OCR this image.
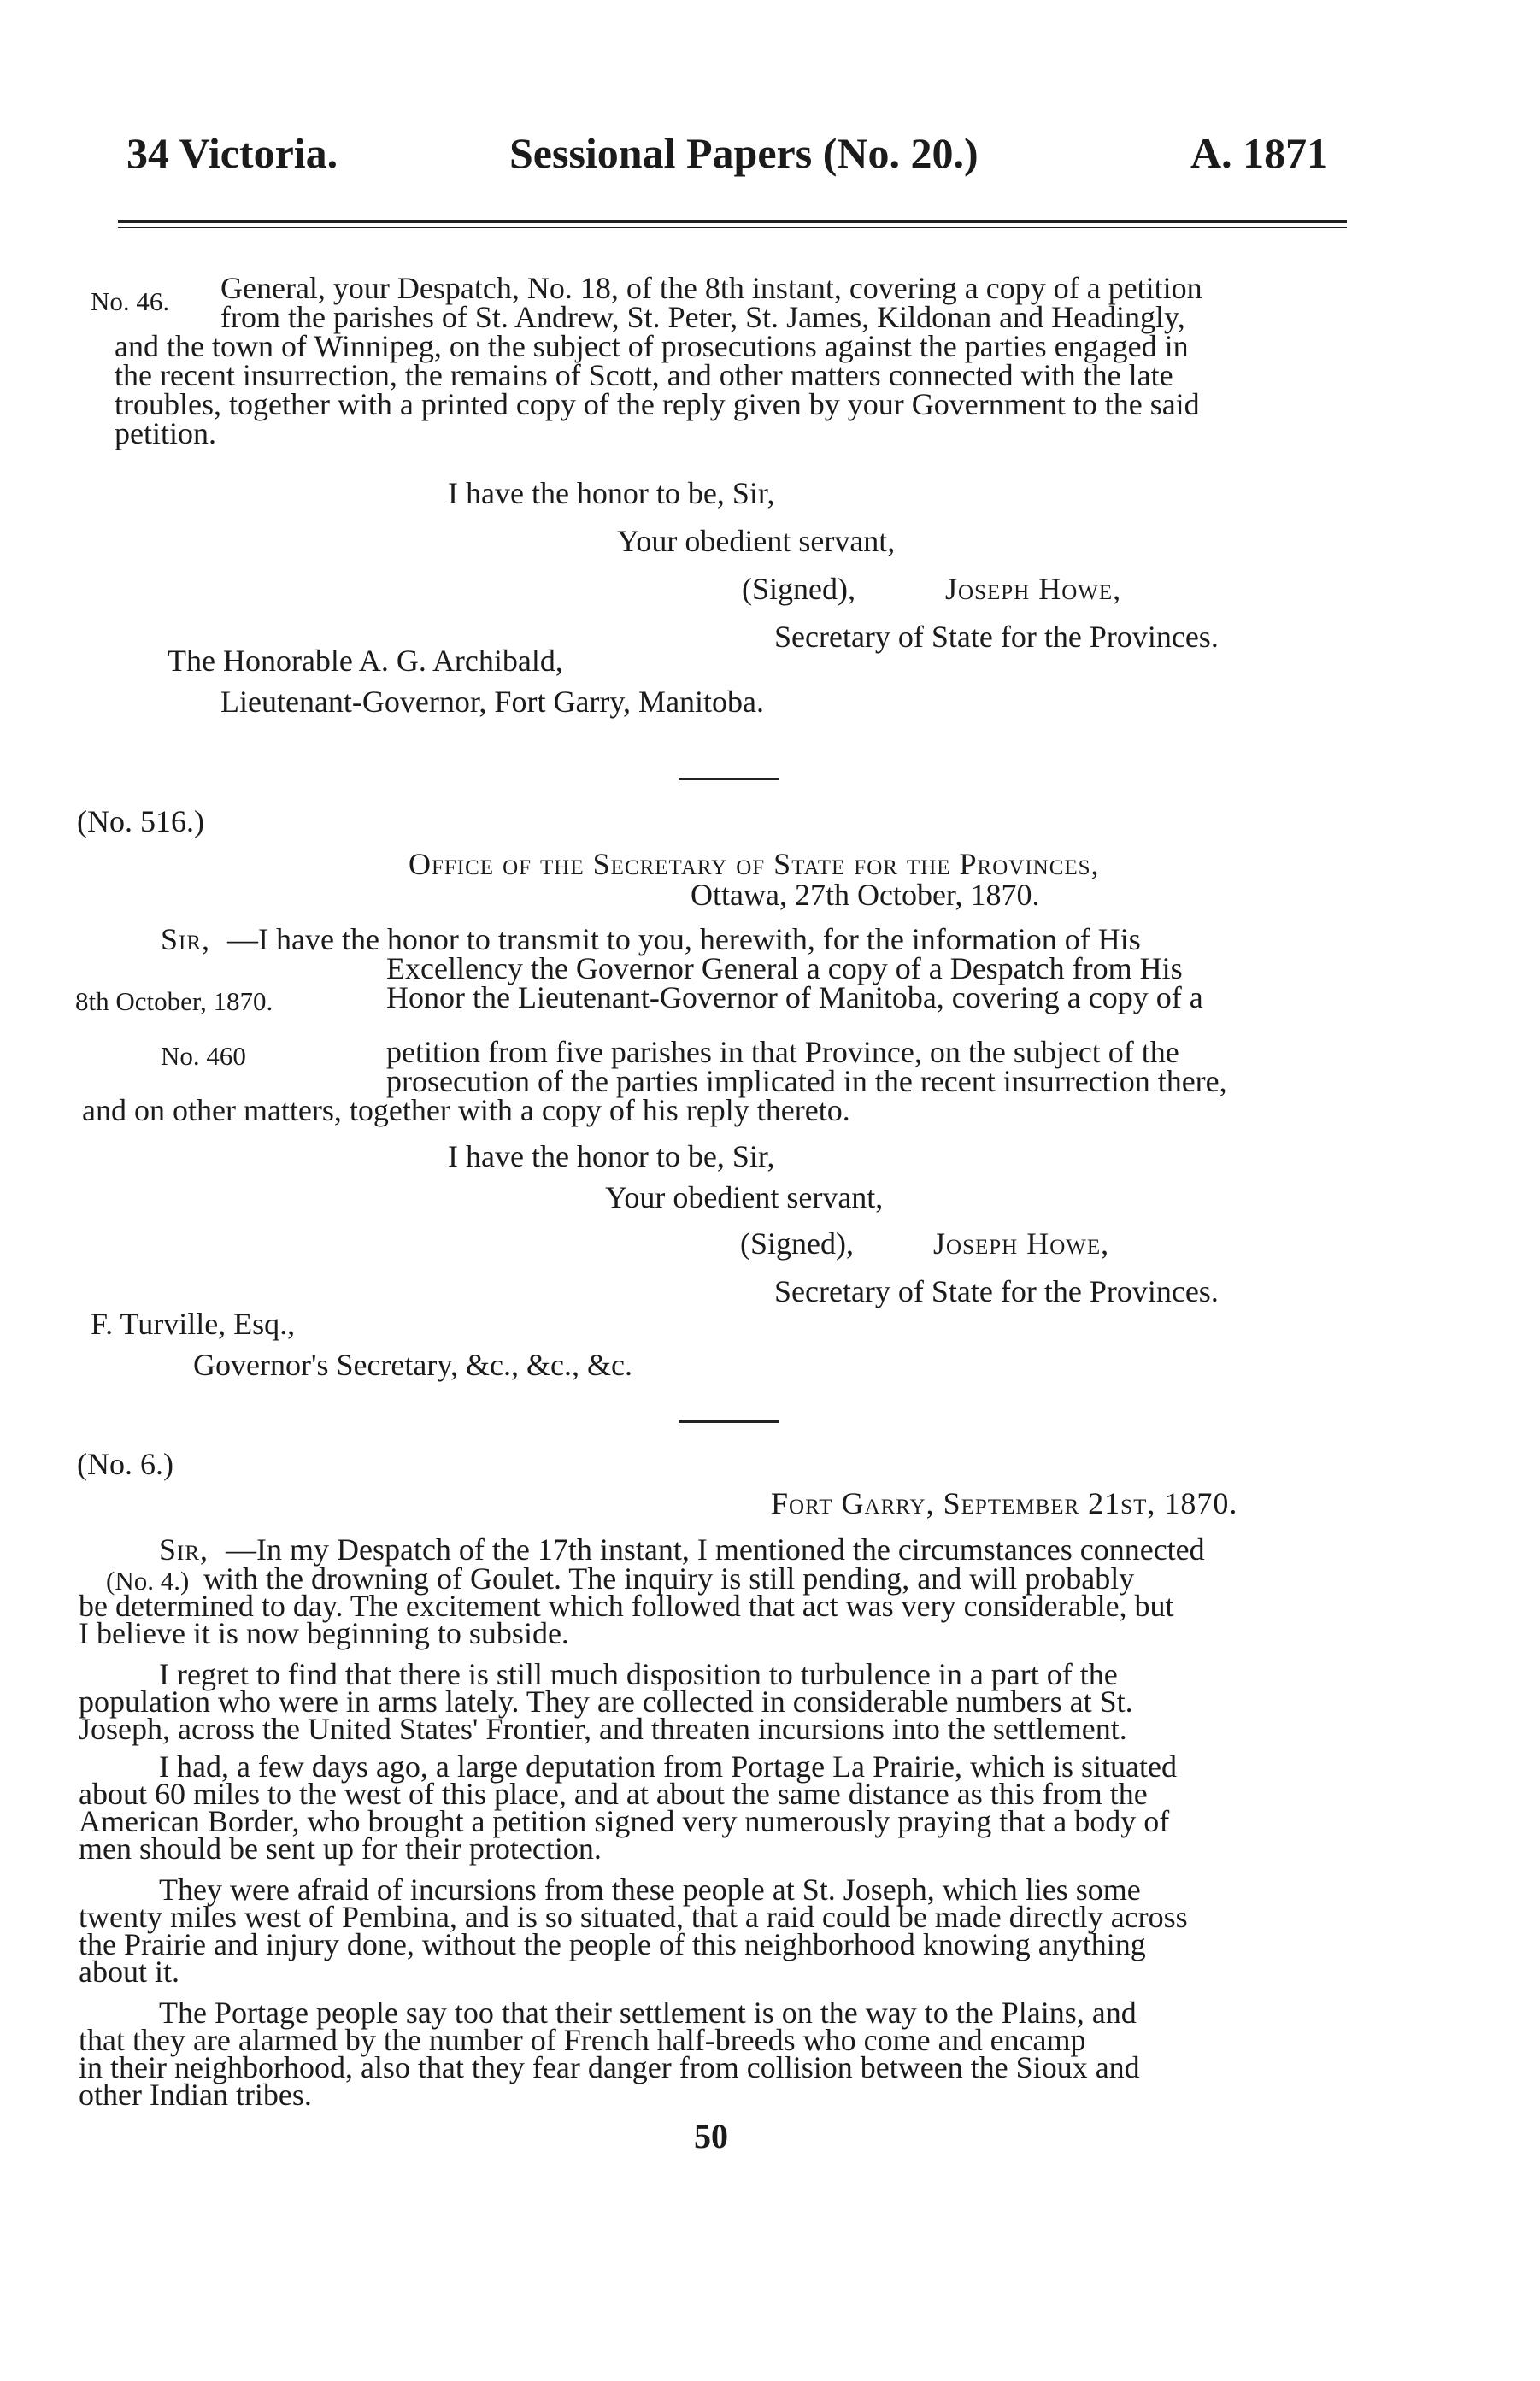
34 Victoria.	Sessional Papers (No. 20.)	A. 1871
No. 46. General, your Despatch, No. 18, of the 8th instant, covering a copy of a petition
from the parishes of St. Andrew, St. Peter, St. James, Kildonan and Headingly,
and the town of Winnipeg, on the subject of prosecutions against the parties engaged in
the recent insurrection, the remains of Scott, and other matters connected with the late
troubles, together with a printed copy of the reply given by your Government to the said
petition.
I have the honor to be, Sir,
Your obedient servant,
(Signed),	Joseph Howe,
Secretary of State for the Provinces.
The Honorable A. G. Archibald,
Lieutenant-Governor, Fort Garry, Manitoba.
(No. 516.)
Office of the Secretary of State for the Provinces,
Ottawa, 27th October, 1870.
Sir, —I have the honor to transmit to you, herewith, for the information of His
Excellency the Governor General a copy of a Despatch from His
8th October, 1870.	Honor the Lieutenant-Governor of Manitoba, covering a copy of a
No. 460	petition from five parishes in that Province, on the subject of the
prosecution of the parties implicated in the recent insurrection there,
and on other matters, together with a copy of his reply thereto.
I have the honor to be, Sir,
Your obedient servant,
(Signed),	Joseph Howe,
Secretary of State for the Provinces.
F. Turville, Esq.,
Governor's Secretary, &c., &c., &c.
(No. 6.)
Fort Garry, September 21st, 1870.
Sir, —In my Despatch of the 17th instant, I mentioned the circumstances connected
(No. 4.) with the drowning of Goulet. The inquiry is still pending, and will probably
be determined to day. The excitement which followed that act was very considerable, but
I believe it is now beginning to subside.
I regret to find that there is still much disposition to turbulence in a part of the
population who were in arms lately. They are collected in considerable numbers at St.
Joseph, across the United States' Frontier, and threaten incursions into the settlement.
I had, a few days ago, a large deputation from Portage La Prairie, which is situated
about 60 miles to the west of this place, and at about the same distance as this from the
American Border, who brought a petition signed very numerously praying that a body of
men should be sent up for their protection.
They were afraid of incursions from these people at St. Joseph, which lies some
twenty miles west of Pembina, and is so situated, that a raid could be made directly across
the Prairie and injury done, without the people of this neighborhood knowing anything
about it.
The Portage people say too that their settlement is on the way to the Plains, and
that they are alarmed by the number of French half-breeds who come and encamp
in their neighborhood, also that they fear danger from collision between the Sioux and
other Indian tribes.
50
